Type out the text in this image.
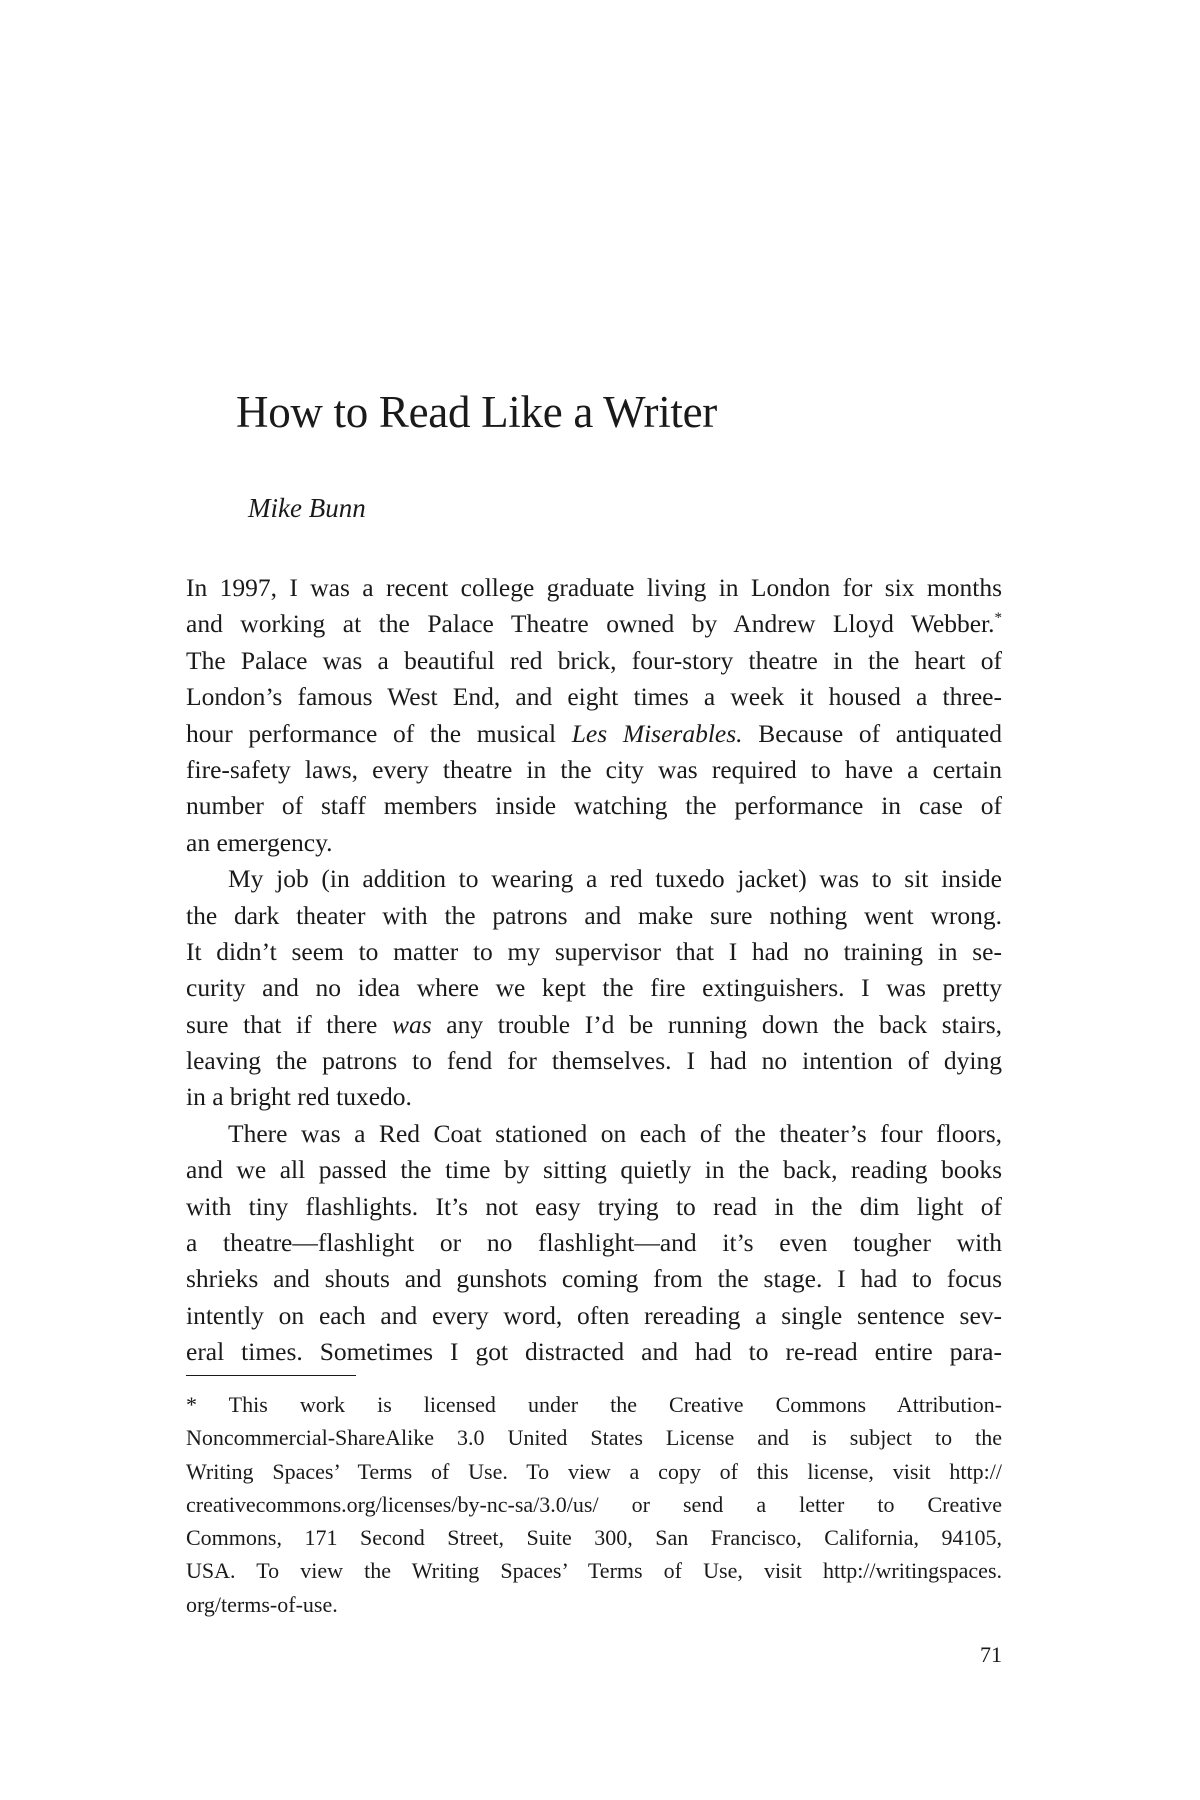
How to Read Like a Writer

Mike Bunn

In 1997, I was a recent college graduate living in London for six months
and working at the Palace Theatre owned by Andrew Lloyd Webber.*
The Palace was a beautiful red brick, four-story theatre in the heart of
London’s famous West End, and eight times a week it housed a three-
hour performance of the musical Les Miserables. Because of antiquated
fire-safety laws, every theatre in the city was required to have a certain
number of staff members inside watching the performance in case of
an emergency.
My job (in addition to wearing a red tuxedo jacket) was to sit inside
the dark theater with the patrons and make sure nothing went wrong.
It didn’t seem to matter to my supervisor that I had no training in se-
curity and no idea where we kept the fire extinguishers. I was pretty
sure that if there was any trouble I’d be running down the back stairs,
leaving the patrons to fend for themselves. I had no intention of dying
in a bright red tuxedo.
There was a Red Coat stationed on each of the theater’s four floors,
and we all passed the time by sitting quietly in the back, reading books
with tiny flashlights. It’s not easy trying to read in the dim light of
a theatre—flashlight or no flashlight—and it’s even tougher with
shrieks and shouts and gunshots coming from the stage. I had to focus
intently on each and every word, often rereading a single sentence sev-
eral times. Sometimes I got distracted and had to re-read entire para-
* This work is licensed under the Creative Commons Attribution-
Noncommercial-ShareAlike 3.0 United States License and is subject to the
Writing Spaces’ Terms of Use. To view a copy of this license, visit http://
creativecommons.org/licenses/by-nc-sa/3.0/us/ or send a letter to Creative
Commons, 171 Second Street, Suite 300, San Francisco, California, 94105,
USA. To view the Writing Spaces’ Terms of Use, visit http://writingspaces.
org/terms-of-use.

71
